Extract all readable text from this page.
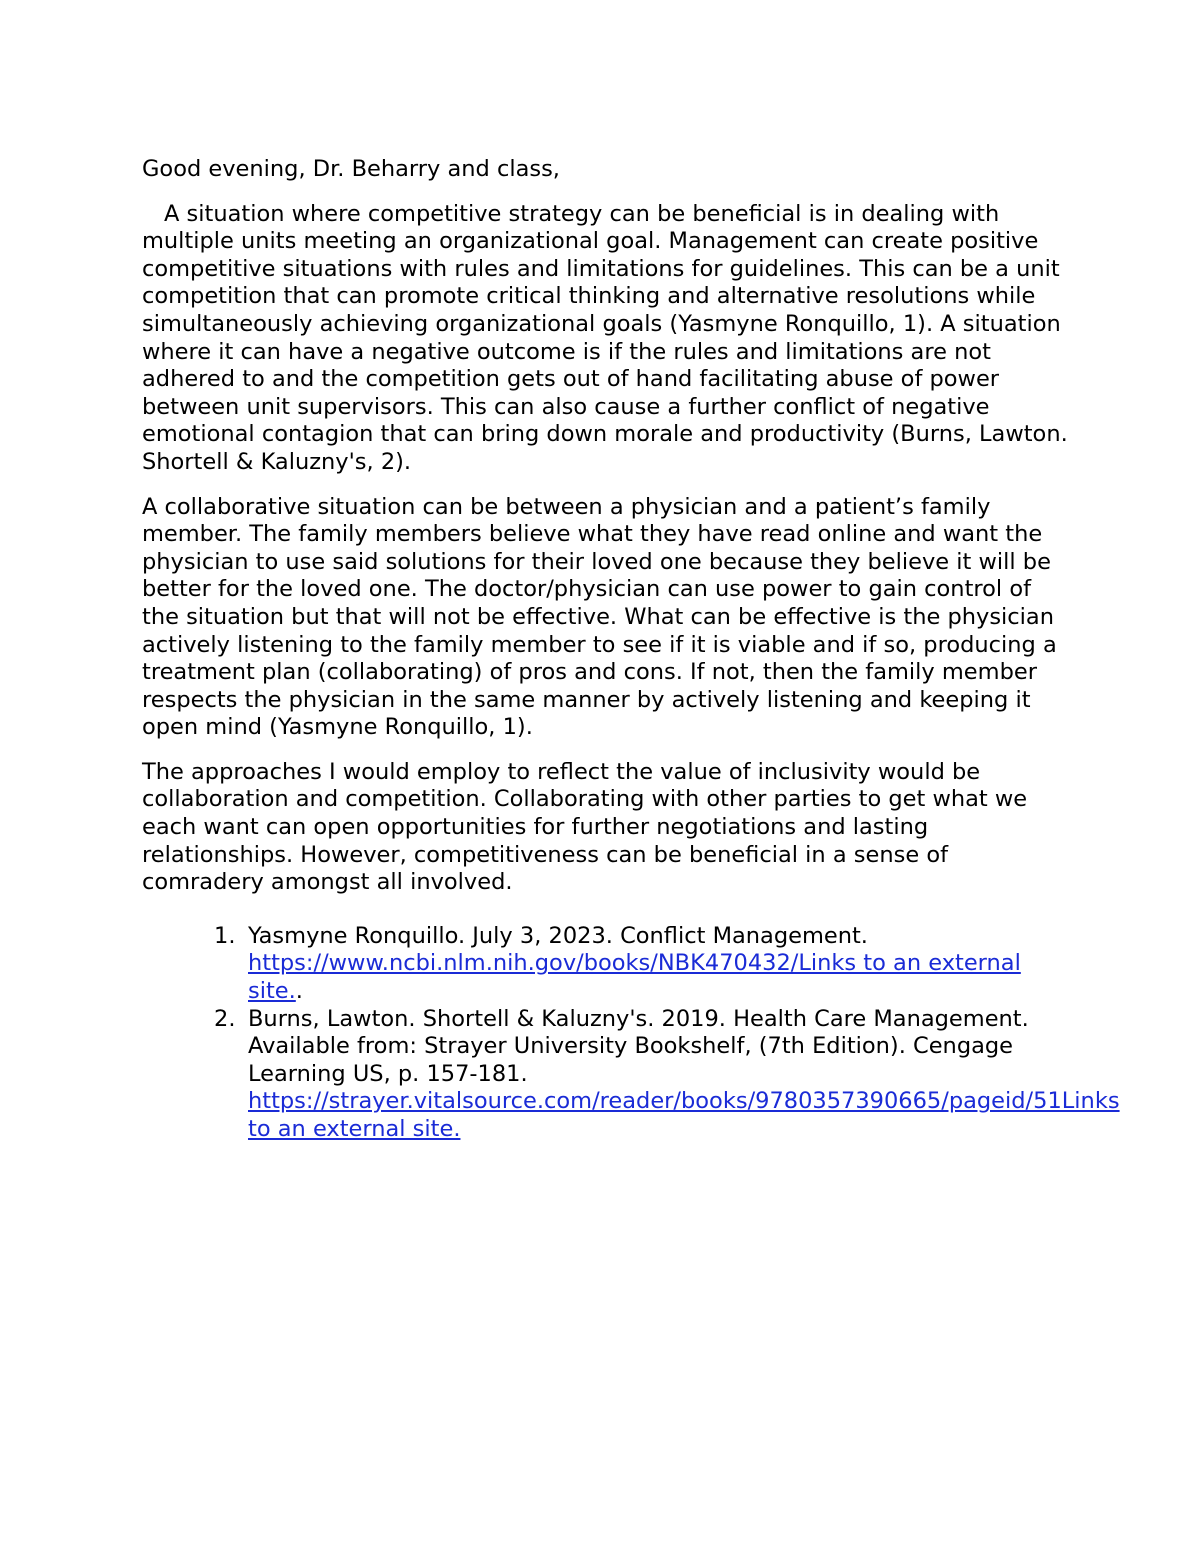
Good evening, Dr. Beharry and class,

A situation where competitive strategy can be beneficial is in dealing with multiple units meeting an organizational goal. Management can create positive competitive situations with rules and limitations for guidelines. This can be a unit competition that can promote critical thinking and alternative resolutions while simultaneously achieving organizational goals (Yasmyne Ronquillo, 1). A situation where it can have a negative outcome is if the rules and limitations are not adhered to and the competition gets out of hand facilitating abuse of power between unit supervisors. This can also cause a further conflict of negative emotional contagion that can bring down morale and productivity (Burns, Lawton. Shortell & Kaluzny's, 2).

A collaborative situation can be between a physician and a patient’s family member. The family members believe what they have read online and want the physician to use said solutions for their loved one because they believe it will be better for the loved one. The doctor/physician can use power to gain control of the situation but that will not be effective. What can be effective is the physician actively listening to the family member to see if it is viable and if so, producing a treatment plan (collaborating) of pros and cons. If not, then the family member respects the physician in the same manner by actively listening and keeping it open mind (Yasmyne Ronquillo, 1).

The approaches I would employ to reflect the value of inclusivity would be collaboration and competition. Collaborating with other parties to get what we each want can open opportunities for further negotiations and lasting relationships. However, competitiveness can be beneficial in a sense of comradery amongst all involved.

1. Yasmyne Ronquillo. July 3, 2023. Conflict Management. https://www.ncbi.nlm.nih.gov/books/NBK470432/Links to an external site..
2. Burns, Lawton. Shortell & Kaluzny's. 2019. Health Care Management. Available from: Strayer University Bookshelf, (7th Edition). Cengage Learning US, p. 157-181. https://strayer.vitalsource.com/reader/books/9780357390665/pageid/51Links to an external site.
